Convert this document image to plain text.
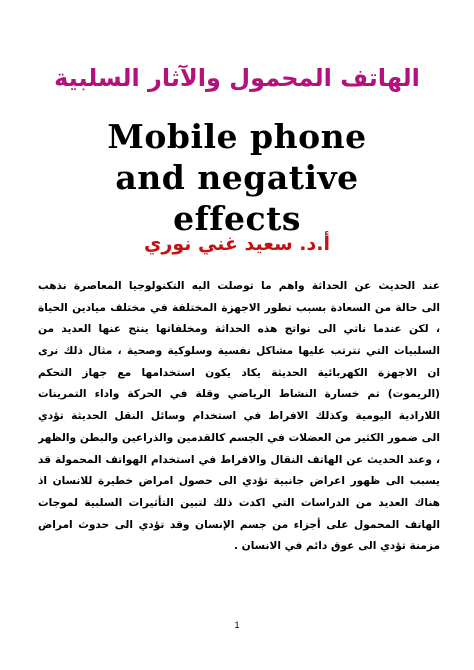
الهاتف المحمول والآثار السلبية
Mobile phone
and negative
effects
أ.د. سعيد غني نوري
عند الحديث عن الحداثة واهم ما توصلت اليه التكنولوجيا المعاصرة نذهب
الى حالة من السعادة بسبب تطور الاجهزة المختلفة في مختلف ميادين الحياة
، لكن عندما ناتي الى نواتج هذه الحداثة ومخلفاتها ينتج عنها العديد من
السلبيات التي تترتب عليها مشاكل نفسية وسلوكية وصحية ، مثال ذلك نرى
ان الاجهزة الكهربائية الحديثة يكاد يكون استخدامها مع جهاز التحكم
(الريموت) تم خسارة النشاط الرياضي وقلة في الحركة واداء التمرينات
اللارادية اليومية وكذلك الافراط في استخدام وسائل النقل الحديثة تؤدي
الى ضمور الكثير من العضلات في الجسم كالقدمين والذراعين والبطن والظهر
، وعند الحديث عن الهاتف النقال والافراط في استخدام الهواتف المحمولة قد
يسبب الى ظهور اعراض جانبية تؤدي الى حصول امراض خطيرة للانسان اذ
هناك العديد من الدراسات التي اكدت ذلك لتبين التأثيرات السلبية لموجات
الهاتف المحمول على أجزاء من جسم الإنسان وقد تؤدي الى حدوث امراض
مزمنة تؤدي الى عوق دائم في الانسان .
1
